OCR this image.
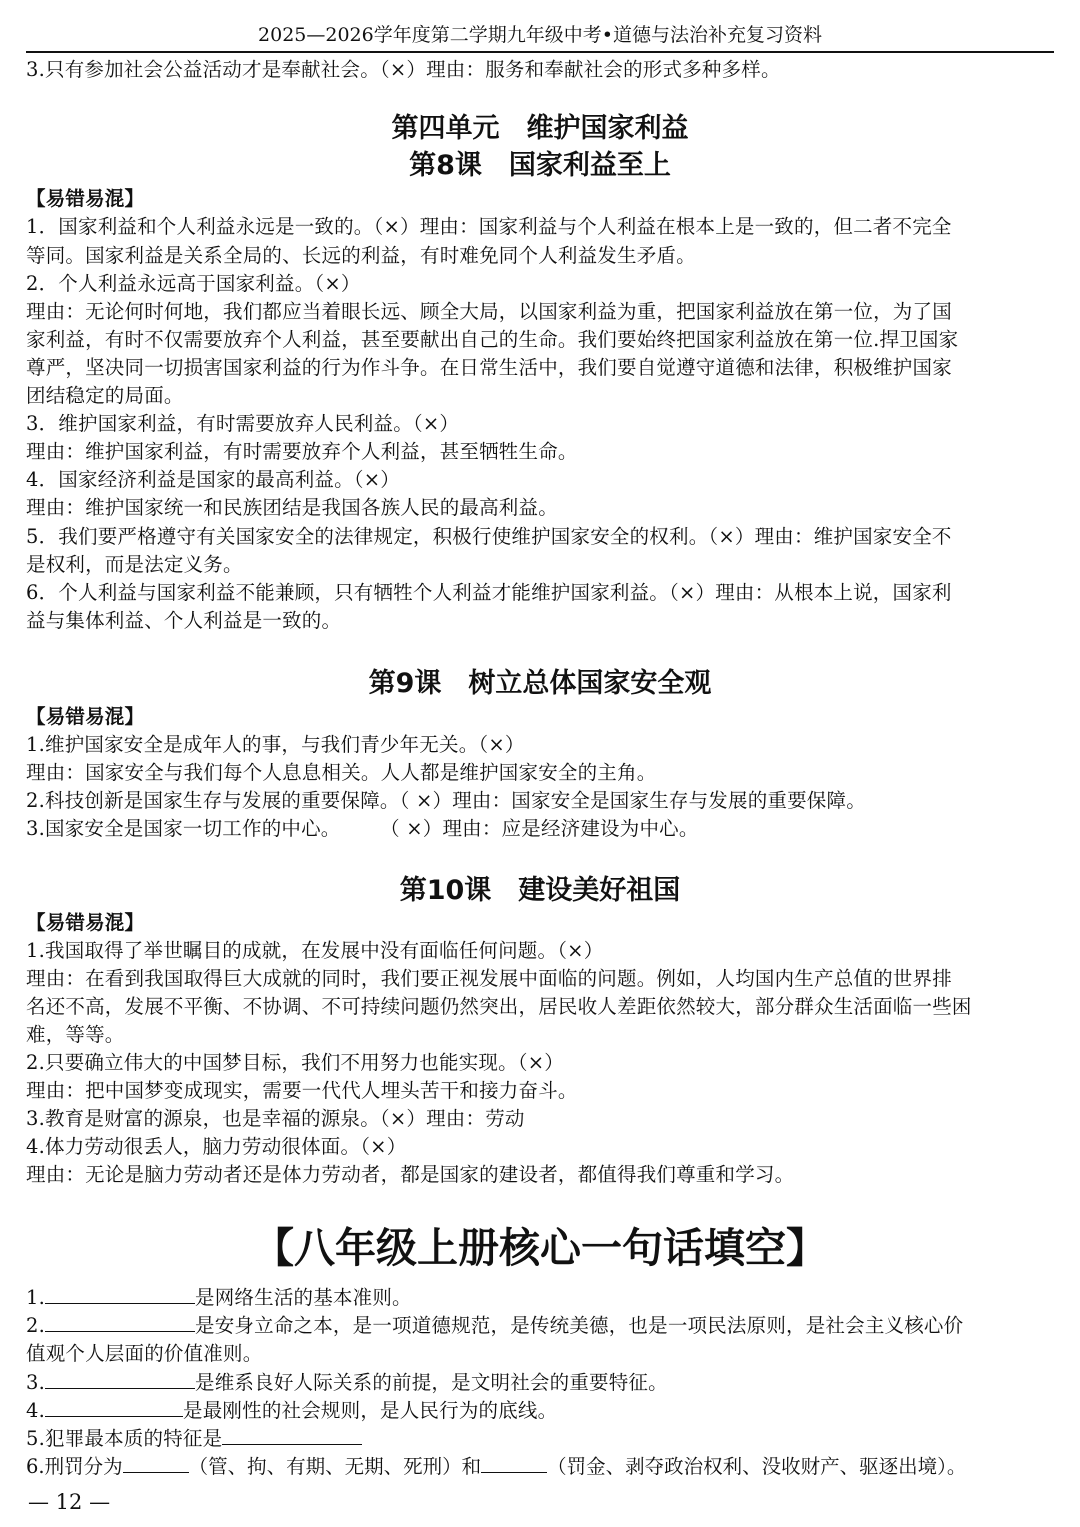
2025—2026学年度第二学期九年级中考•道德与法治补充复习资料
3.只有参加社会公益活动才是奉献社会。（×）理由：服务和奉献社会的形式多种多样。
第四单元　维护国家利益
第8课　国家利益至上
【易错易混】
1．国家利益和个人利益永远是一致的。（×）理由：国家利益与个人利益在根本上是一致的，但二者不完全
等同。国家利益是关系全局的、长远的利益，有时难免同个人利益发生矛盾。
2．个人利益永远高于国家利益。（×）
理由：无论何时何地，我们都应当着眼长远、顾全大局，以国家利益为重，把国家利益放在第一位，为了国
家利益，有时不仅需要放弃个人利益，甚至要献出自己的生命。我们要始终把国家利益放在第一位.捍卫国家
尊严，坚决同一切损害国家利益的行为作斗争。在日常生活中，我们要自觉遵守道德和法律，积极维护国家
团结稳定的局面。
3．维护国家利益，有时需要放弃人民利益。（×）
理由：维护国家利益，有时需要放弃个人利益，甚至牺牲生命。
4．国家经济利益是国家的最高利益。（×）
理由：维护国家统一和民族团结是我国各族人民的最高利益。
5．我们要严格遵守有关国家安全的法律规定，积极行使维护国家安全的权利。（×）理由：维护国家安全不
是权利，而是法定义务。
6．个人利益与国家利益不能兼顾，只有牺牲个人利益才能维护国家利益。（×）理由：从根本上说，国家利
益与集体利益、个人利益是一致的。
第9课　树立总体国家安全观
【易错易混】
1.维护国家安全是成年人的事，与我们青少年无关。（×）
理由：国家安全与我们每个人息息相关。人人都是维护国家安全的主角。
2.科技创新是国家生存与发展的重要保障。（ ×）理由：国家安全是国家生存与发展的重要保障。
3.国家安全是国家一切工作的中心。　　　（ ×）理由：应是经济建设为中心。
第10课　建设美好祖国
【易错易混】
1.我国取得了举世瞩目的成就，在发展中没有面临任何问题。（×）
理由：在看到我国取得巨大成就的同时，我们要正视发展中面临的问题。例如，人均国内生产总值的世界排
名还不高，发展不平衡、不协调、不可持续问题仍然突出，居民收人差距依然较大，部分群众生活面临一些困
难，等等。
2.只要确立伟大的中国梦目标，我们不用努力也能实现。（×）
理由：把中国梦变成现实，需要一代代人埋头苦干和接力奋斗。
3.教育是财富的源泉，也是幸福的源泉。（×）理由：劳动
4.体力劳动很丢人，脑力劳动很体面。（×）
理由：无论是脑力劳动者还是体力劳动者，都是国家的建设者，都值得我们尊重和学习。
【八年级上册核心一句话填空】
1.	是网络生活的基本准则。
2.	是安身立命之本，是一项道德规范，是传统美德，也是一项民法原则，是社会主义核心价
值观个人层面的价值准则。
3.	是维系良好人际关系的前提，是文明社会的重要特征。
4.	是最刚性的社会规则，是人民行为的底线。
5.犯罪最本质的特征是
6.刑罚分为	（管、拘、有期、无期、死刑）和	（罚金、剥夺政治权利、没收财产、驱逐出境）。
— 12 —
